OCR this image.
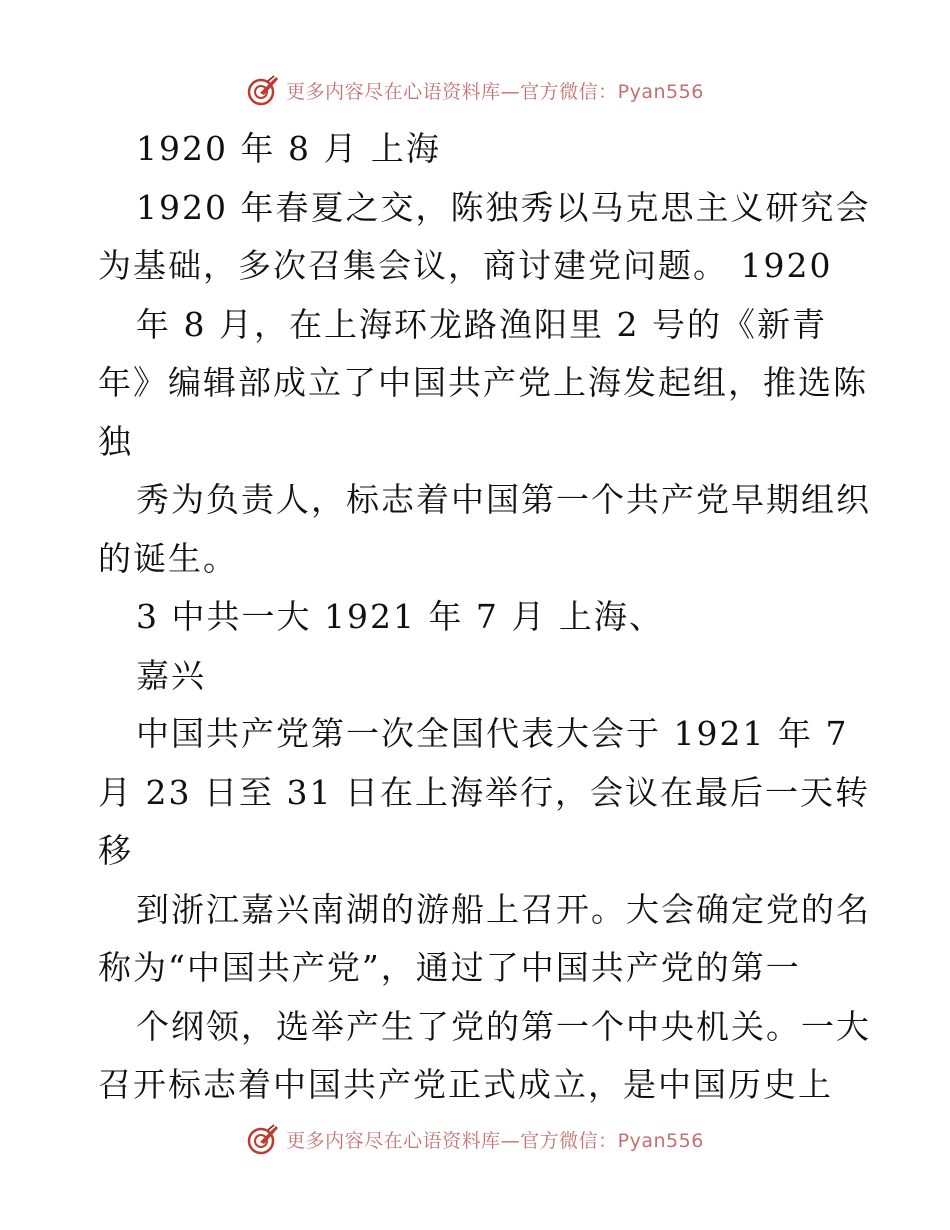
更多内容尽在心语资料库—官方微信：Pyan556

1920 年 8 月 上海

1920 年春夏之交，陈独秀以马克思主义研究会

为基础，多次召集会议，商讨建党问题。 1920

年 8 月，在上海环龙路渔阳里 2 号的《新青

年》编辑部成立了中国共产党上海发起组，推选陈

独

秀为负责人，标志着中国第一个共产党早期组织

的诞生。

3 中共一大 1921 年 7 月 上海、

嘉兴

中国共产党第一次全国代表大会于 1921 年 7

月 23 日至 31 日在上海举行，会议在最后一天转

移

到浙江嘉兴南湖的游船上召开。大会确定党的名

称为“中国共产党”，通过了中国共产党的第一

个纲领，选举产生了党的第一个中央机关。一大

召开标志着中国共产党正式成立，是中国历史上

更多内容尽在心语资料库—官方微信：Pyan556
